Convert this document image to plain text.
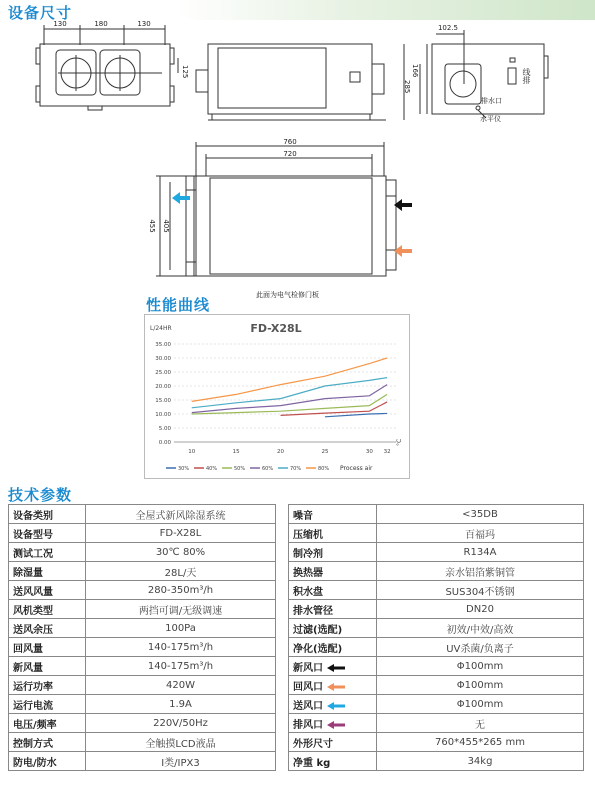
设备尺寸
130	180	130
125
102.5
166
285
排水口
水平仪
760
720
455 405
线排
此面为电气检修门板
性能曲线
0.00
5.00
10.00
15.00
20.00
25.00
30.00
35.00
10	15	20	25	30 32
°C
30%	40%	50%	60%	70%	80% Process air
FD-X28L
L/24HR
技术参数
设备类别	全屋式新风除湿系统
设备型号	FD-X28L
测试工况	30℃ 80%
除湿量	28L/天
送风风量	280-350m³/h
风机类型	两挡可调/无级调速
送风余压	100Pa
回风量	140-175m³/h
新风量	140-175m³/h
运行功率	420W
运行电流	1.9A
电压/频率	220V/50Hz
控制方式	全触摸LCD液晶
防电/防水	I类/IPX3
噪音	<35DB
压缩机	百福玛
制冷剂	R134A
换热器	亲水铝箔紫铜管
积水盘	SUS304不锈钢
排水管径	DN20
过滤(选配)	初效/中效/高效
净化(选配)	UV杀菌/负离子
新风口	Φ100mm
回风口	Φ100mm
送风口	Φ100mm
排风口	无
外形尺寸	760*455*265 mm
净重 kg	34kg
